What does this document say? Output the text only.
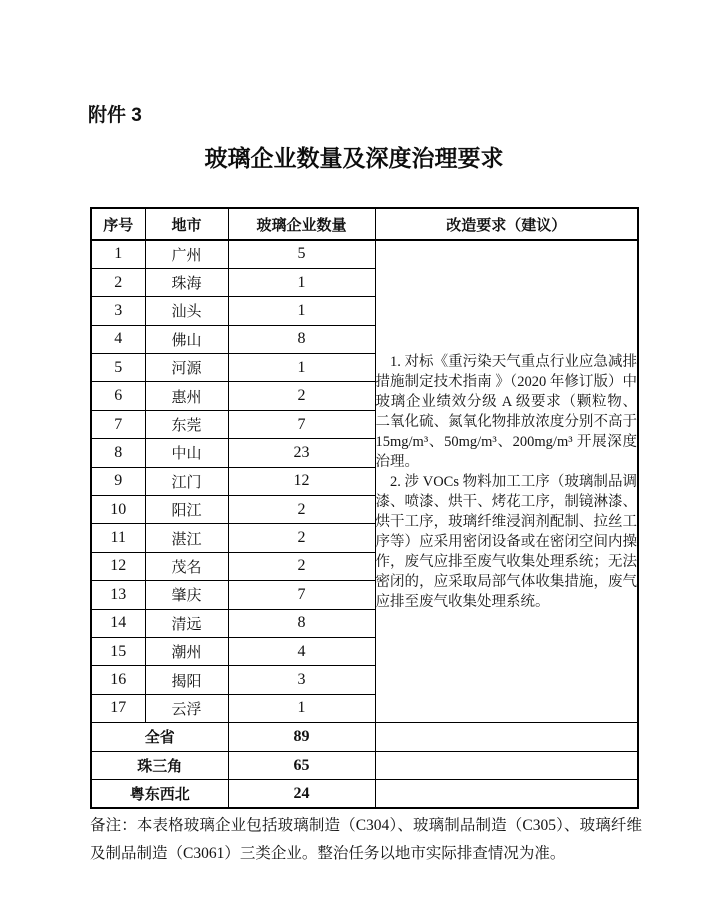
附件 3
玻璃企业数量及深度治理要求
序号	地市	玻璃企业数量	改造要求（建议）
1	广州	5	1. 对标《重污染天气重点行业应急减排措施制定技术指南 》（2020 年修订版）中玻璃企业绩效分级 A 级要求（颗粒物、二氧化硫、氮氧化物排放浓度分别不高于 15mg/m³、50mg/m³、200mg/m³ 开展深度治理。

2. 涉 VOCs 物料加工工序（玻璃制品调漆、喷漆、烘干、烤花工序，制镜淋漆、烘干工序，玻璃纤维浸润剂配制、拉丝工序等）应采用密闭设备或在密闭空间内操作，废气应排至废气收集处理系统；无法密闭的，应采取局部气体收集措施，废气应排至废气收集处理系统。

2	珠海	1	
3	汕头	1	
4	佛山	8	
5	河源	1	
6	惠州	2	
7	东莞	7	
8	中山	23	
9	江门	12	
10	阳江	2	
11	湛江	2	
12	茂名	2	
13	肇庆	7	
14	清远	8	
15	潮州	4	
16	揭阳	3	
17	云浮	1	
全省		89	
珠三角		65	
粤东西北		24	
备注：本表格玻璃企业包括玻璃制造（C304）、玻璃制品制造（C305）、玻璃纤维及制品制造（C3061）三类企业。整治任务以地市实际排查情况为准。
